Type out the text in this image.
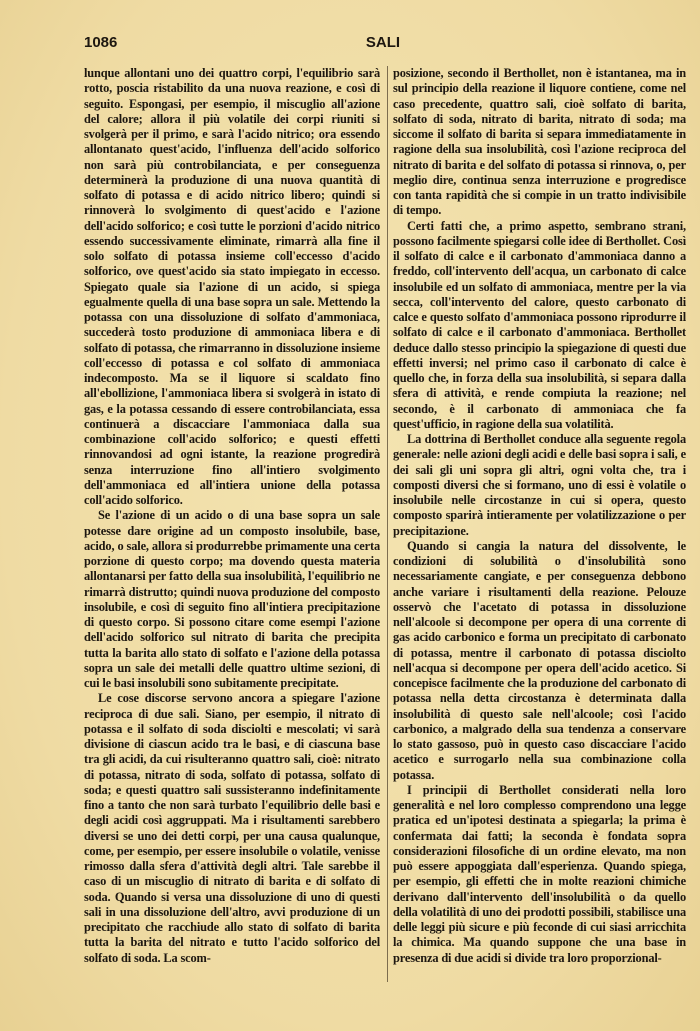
1086	SALI

lunque allontani uno dei quattro corpi, l'equilibrio sarà rotto, poscia ristabilito da una nuova reazione, e così di seguito. Espongasi, per esempio, il miscuglio all'azione del calore; allora il più volatile dei corpi riuniti si svolgerà per il primo, e sarà l'acido nitrico; ora essendo allontanato quest'acido, l'influenza dell'acido solforico non sarà più controbilanciata, e per conseguenza determinerà la produzione di una nuova quantità di solfato di potassa e di acido nitrico libero; quindi si rinnoverà lo svolgimento di quest'acido e l'azione dell'acido solforico; e così tutte le porzioni d'acido nitrico essendo successivamente eliminate, rimarrà alla fine il solo solfato di potassa insieme coll'eccesso d'acido solforico, ove quest'acido sia stato impiegato in eccesso. Spiegato quale sia l'azione di un acido, si spiega egualmente quella di una base sopra un sale. Mettendo la potassa con una dissoluzione di solfato d'ammoniaca, succederà tosto produzione di ammoniaca libera e di solfato di potassa, che rimarranno in dissoluzione insieme coll'eccesso di potassa e col solfato di ammoniaca indecomposto. Ma se il liquore si scaldato fino all'ebollizione, l'ammoniaca libera si svolgerà in istato di gas, e la potassa cessando di essere controbilanciata, essa continuerà a discacciare l'ammoniaca dalla sua combinazione coll'acido solforico; e questi effetti rinnovandosi ad ogni istante, la reazione progredirà senza interruzione fino all'intiero svolgimento dell'ammoniaca ed all'intiera unione della potassa coll'acido solforico.

Se l'azione di un acido o di una base sopra un sale potesse dare origine ad un composto insolubile, base, acido, o sale, allora si produrrebbe primamente una certa porzione di questo corpo; ma dovendo questa materia allontanarsi per fatto della sua insolubilità, l'equilibrio ne rimarrà distrutto; quindi nuova produzione del composto insolubile, e così di seguito fino all'intiera precipitazione di questo corpo. Si possono citare come esempi l'azione dell'acido solforico sul nitrato di barita che precipita tutta la barita allo stato di solfato e l'azione della potassa sopra un sale dei metalli delle quattro ultime sezioni, di cui le basi insolubili sono subitamente precipitate.

Le cose discorse servono ancora a spiegare l'azione reciproca di due sali. Siano, per esempio, il nitrato di potassa e il solfato di soda disciolti e mescolati; vi sarà divisione di ciascun acido tra le basi, e di ciascuna base tra gli acidi, da cui risulteranno quattro sali, cioè: nitrato di potassa, nitrato di soda, solfato di potassa, solfato di soda; e questi quattro sali sussisteranno indefinitamente fino a tanto che non sarà turbato l'equilibrio delle basi e degli acidi così aggruppati. Ma i risultamenti sarebbero diversi se uno dei detti corpi, per una causa qualunque, come, per esempio, per essere insolubile o volatile, venisse rimosso dalla sfera d'attività degli altri. Tale sarebbe il caso di un miscuglio di nitrato di barita e di solfato di soda. Quando si versa una dissoluzione di uno di questi sali in una dissoluzione dell'altro, avvi produzione di un precipitato che racchiude allo stato di solfato di barita tutta la barita del nitrato e tutto l'acido solforico del solfato di soda. La scom-

posizione, secondo il Berthollet, non è istantanea, ma in sul principio della reazione il liquore contiene, come nel caso precedente, quattro sali, cioè solfato di barita, solfato di soda, nitrato di barita, nitrato di soda; ma siccome il solfato di barita si separa immediatamente in ragione della sua insolubilità, così l'azione reciproca del nitrato di barita e del solfato di potassa si rinnova, o, per meglio dire, continua senza interruzione e progredisce con tanta rapidità che si compie in un tratto indivisibile di tempo.

Certi fatti che, a primo aspetto, sembrano strani, possono facilmente spiegarsi colle idee di Berthollet. Così il solfato di calce e il carbonato d'ammoniaca danno a freddo, coll'intervento dell'acqua, un carbonato di calce insolubile ed un solfato di ammoniaca, mentre per la via secca, coll'intervento del calore, questo carbonato di calce e questo solfato d'ammoniaca possono riprodurre il solfato di calce e il carbonato d'ammoniaca. Berthollet deduce dallo stesso principio la spiegazione di questi due effetti inversi; nel primo caso il carbonato di calce è quello che, in forza della sua insolubilità, si separa dalla sfera di attività, e rende compiuta la reazione; nel secondo, è il carbonato di ammoniaca che fa quest'ufficio, in ragione della sua volatilità.

La dottrina di Berthollet conduce alla seguente regola generale: nelle azioni degli acidi e delle basi sopra i sali, e dei sali gli uni sopra gli altri, ogni volta che, tra i composti diversi che si formano, uno di essi è volatile o insolubile nelle circostanze in cui si opera, questo composto sparirà intieramente per volatilizzazione o per precipitazione.

Quando si cangia la natura del dissolvente, le condizioni di solubilità o d'insolubilità sono necessariamente cangiate, e per conseguenza debbono anche variare i risultamenti della reazione. Pelouze osservò che l'acetato di potassa in dissoluzione nell'alcoole si decompone per opera di una corrente di gas acido carbonico e forma un precipitato di carbonato di potassa, mentre il carbonato di potassa disciolto nell'acqua si decompone per opera dell'acido acetico. Si concepisce facilmente che la produzione del carbonato di potassa nella detta circostanza è determinata dalla insolubilità di questo sale nell'alcoole; così l'acido carbonico, a malgrado della sua tendenza a conservare lo stato gassoso, può in questo caso discacciare l'acido acetico e surrogarlo nella sua combinazione colla potassa.

I principii di Berthollet considerati nella loro generalità e nel loro complesso comprendono una legge pratica ed un'ipotesi destinata a spiegarla; la prima è confermata dai fatti; la seconda è fondata sopra considerazioni filosofiche di un ordine elevato, ma non può essere appoggiata dall'esperienza. Quando spiega, per esempio, gli effetti che in molte reazioni chimiche derivano dall'intervento dell'insolubilità o da quello della volatilità di uno dei prodotti possibili, stabilisce una delle leggi più sicure e più feconde di cui siasi arricchita la chimica. Ma quando suppone che una base in presenza di due acidi si divide tra loro proporzional-
